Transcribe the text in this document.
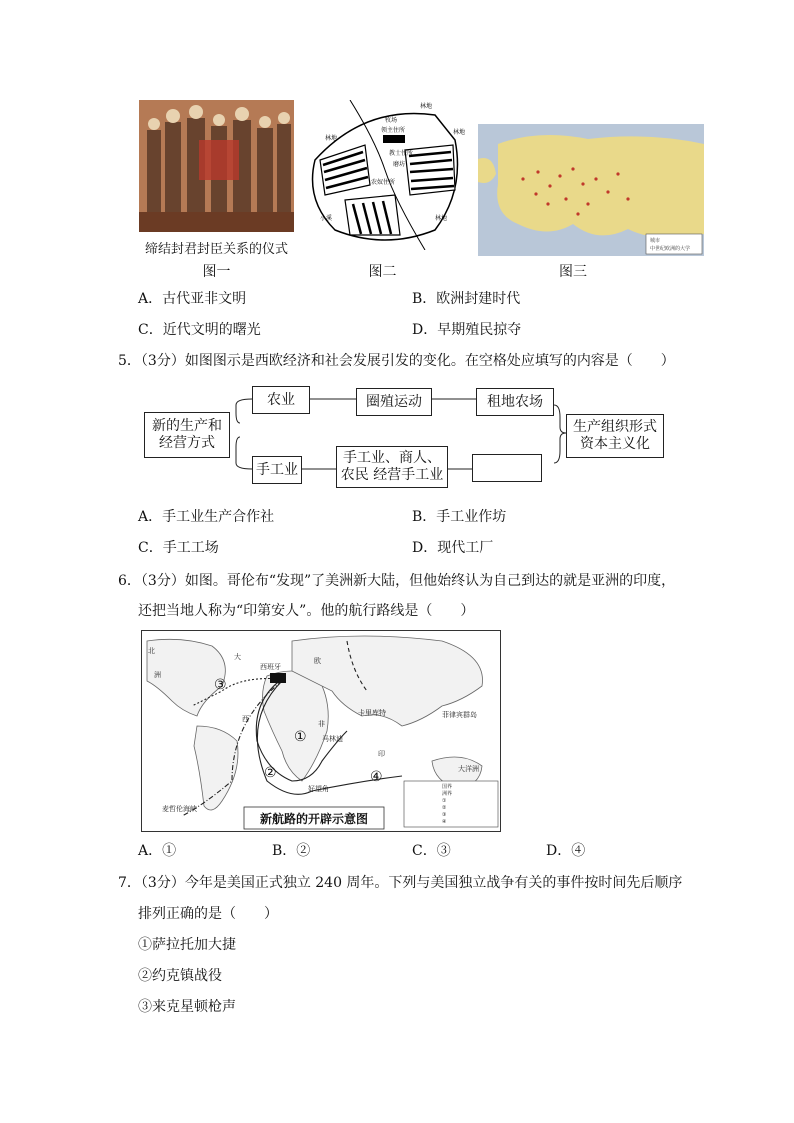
缔结封君封臣关系的仪式
图一
林地
林地
林地
牧场
领主住所
教士住所
磨坊
农奴住所
小溪	林地
图二
城市
中世纪欧洲的大学
图三
A．古代亚非文明	B．欧洲封建时代
C．近代文明的曙光	D．早期殖民掠夺
5．（3分）如图图示是西欧经济和社会发展引发的变化。在空格处应填写的内容是（　　）
新的生产和
经营方式
农业	圈殖运动	租地农场
手工业
手工业、商人、
农民 经营手工业
生产组织形式
资本主义化
A．手工业生产合作社	B．手工业作坊
C．手工工场	D．现代工厂
6．（3分）如图。哥伦布“发现”了美洲新大陆，但他始终认为自己到达的就是亚洲的印度，
还把当地人称为“印第安人”。他的航行路线是（　　）
③
①
②	④
北
洲
大
西
欧
非
印
西班牙
马林迪
好望角
卡里库特	菲律宾群岛
大洋洲
麦哲伦海峡
国界
洲界
①
②
③
④
新航路的开辟示意图
A．①	B．②	C．③	D．④
7．（3分）今年是美国正式独立 240 周年。下列与美国独立战争有关的事件按时间先后顺序
排列正确的是（　　）
①萨拉托加大捷
②约克镇战役
③来克星顿枪声
